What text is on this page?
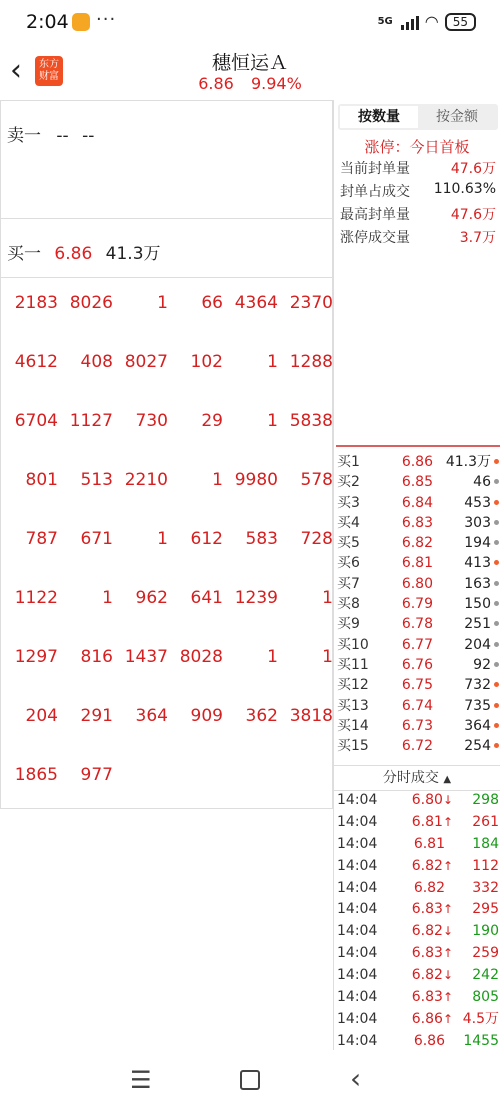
2:04 ···	5G ◠	55
‹	东方财富
穗恒运Ａ
6.86 9.94%
卖一 -- --
买一 6.86 41.3万
2183 8026	1	66 4364 2370
4612	408 8027	102	1 1288
6704 1127	730	29	1 5838
801	513 2210	1 9980	578
787	671	1	612	583	728
1122	1	962	641 1239	1
1297	816 1437 8028	1	1
204	291	364	909	362 3818
1865	977
按数量	按金额
涨停：今日首板
当前封单量	47.6万
封单占成交 110.63%
最高封单量	47.6万
涨停成交量	3.7万
买1	6.86 41.3万
买2	6.85	46
买3	6.84 453
买4	6.83 303
买5	6.82 194
买6	6.81 413
买7	6.80 163
买8	6.79 150
买9	6.78 251
买10	6.77 204
买11	6.76	92
买12	6.75 732
买13	6.74 735
买14	6.73 364
买15	6.72 254
分时成交 ▲
14:04	6.80↓ 298
14:04	6.81↑ 261
14:04	6.81	184
14:04	6.82↑ 112
14:04	6.82	332
14:04	6.83↑ 295
14:04	6.82↓ 190
14:04	6.83↑ 259
14:04	6.82↓ 242
14:04	6.83↑ 805
14:04	6.86↑ 4.5万
14:04	6.86	1455
☰	‹
